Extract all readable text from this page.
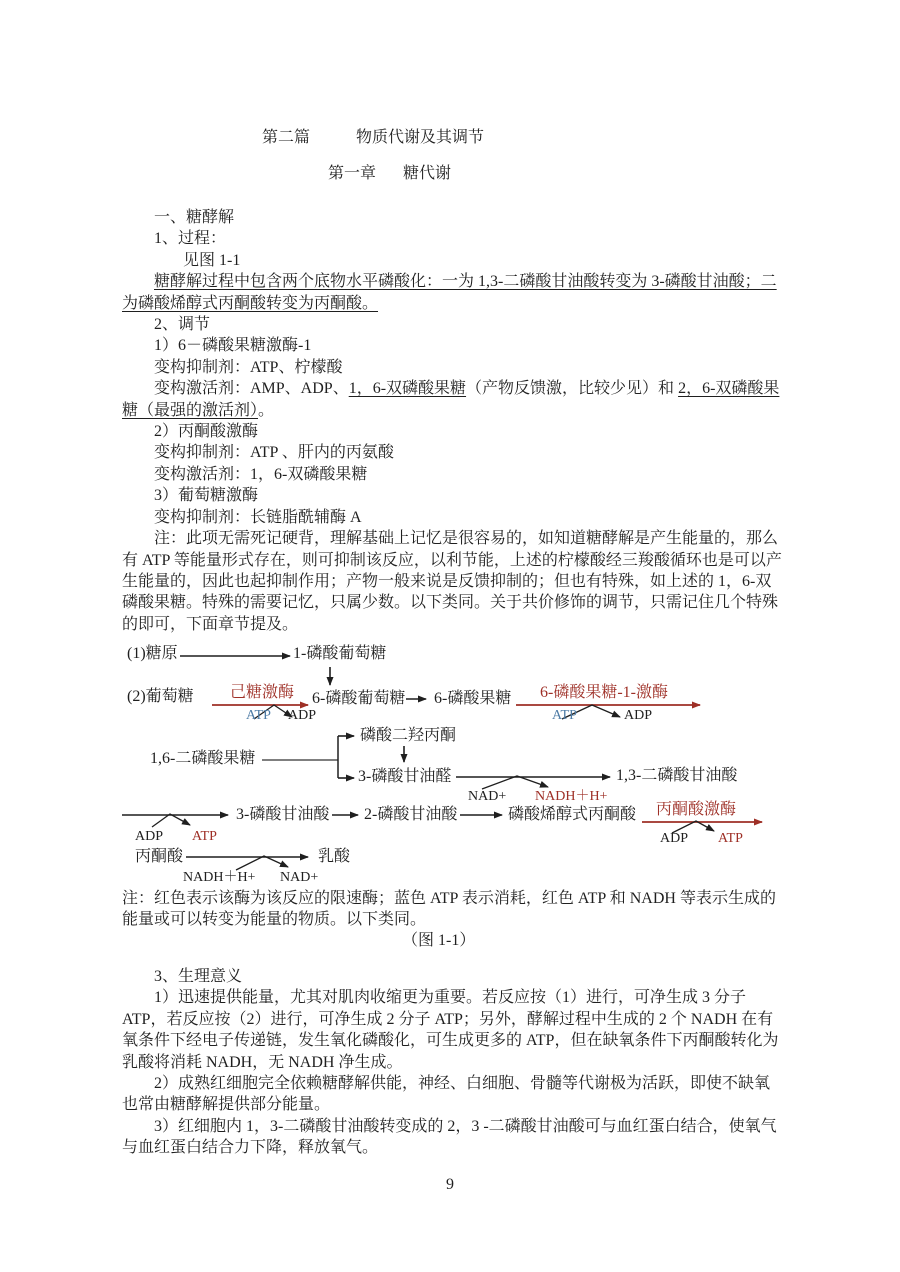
第二篇	物质代谢及其调节
第一章 糖代谢

一、糖酵解

1、过程：

见图 1-1

糖酵解过程中包含两个底物水平磷酸化：一为 1,3-二磷酸甘油酸转变为 3-磷酸甘油酸；二为磷酸烯醇式丙酮酸转变为丙酮酸。

2、调节

1）6－磷酸果糖激酶-1

变构抑制剂：ATP、柠檬酸

变构激活剂：AMP、ADP、1，6-双磷酸果糖（产物反馈激，比较少见）和 2，6-双磷酸果糖（最强的激活剂）。

2）丙酮酸激酶

变构抑制剂：ATP 、肝内的丙氨酸

变构激活剂：1，6-双磷酸果糖

3）葡萄糖激酶

变构抑制剂：长链脂酰辅酶 A

注：此项无需死记硬背，理解基础上记忆是很容易的，如知道糖酵解是产生能量的，那么有 ATP 等能量形式存在，则可抑制该反应，以利节能，上述的柠檬酸经三羧酸循环也是可以产生能量的，因此也起抑制作用；产物一般来说是反馈抑制的；但也有特殊，如上述的 1，6-双磷酸果糖。特殊的需要记忆，只属少数。以下类同。关于共价修饰的调节，只需记住几个特殊的即可，下面章节提及。

(1)糖原	1-磷酸葡萄糖
(2)葡萄糖 己糖激酶
ATP ADP
6-磷酸葡萄糖 6-磷酸果糖 6-磷酸果糖-1-激酶
ATP	ADP
磷酸二羟丙酮
1,6-二磷酸果糖
3-磷酸甘油醛
NAD+ NADH＋H+
1,3-二磷酸甘油酸
ADP ATP
3-磷酸甘油酸 2-磷酸甘油酸	磷酸烯醇式丙酮酸 丙酮酸激酶
ADP ATP
丙酮酸	乳酸
NADH＋H+ NAD+

注：红色表示该酶为该反应的限速酶；蓝色 ATP 表示消耗，红色 ATP 和 NADH 等表示生成的能量或可以转变为能量的物质。以下类同。

（图 1-1）

3、生理意义

1）迅速提供能量，尤其对肌肉收缩更为重要。若反应按（1）进行，可净生成 3 分子 ATP，若反应按（2）进行，可净生成 2 分子 ATP；另外，酵解过程中生成的 2 个 NADH 在有氧条件下经电子传递链，发生氧化磷酸化，可生成更多的 ATP，但在缺氧条件下丙酮酸转化为乳酸将消耗 NADH，无 NADH 净生成。

2）成熟红细胞完全依赖糖酵解供能，神经、白细胞、骨髓等代谢极为活跃，即使不缺氧也常由糖酵解提供部分能量。

3）红细胞内 1，3-二磷酸甘油酸转变成的 2，3 -二磷酸甘油酸可与血红蛋白结合，使氧气与血红蛋白结合力下降，释放氧气。

9
